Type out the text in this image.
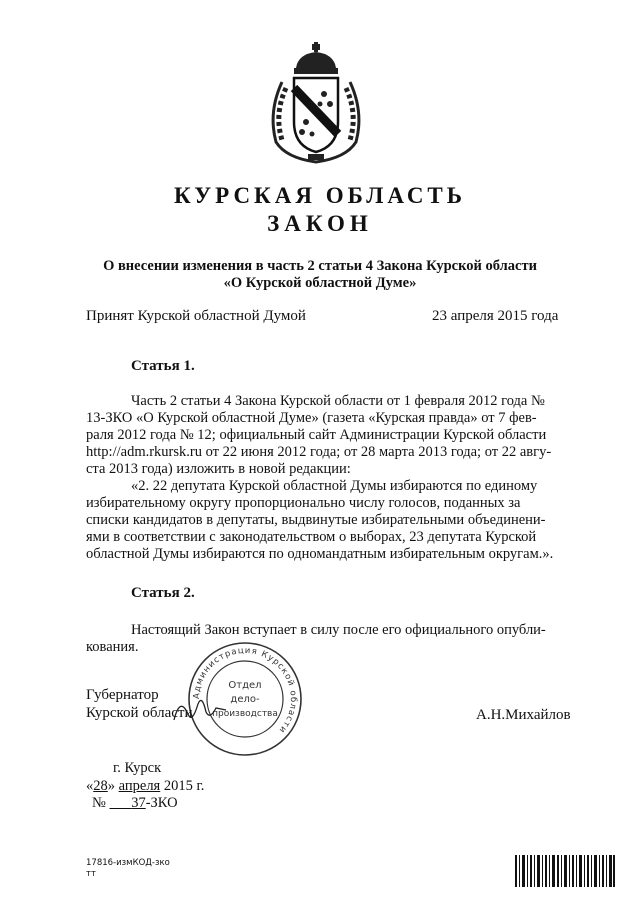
КУРСКАЯ ОБЛАСТЬ
ЗАКОН
О внесении изменения в часть 2 статьи 4 Закона Курской области
«О Курской областной Думе»
Принят Курской областной Думой	23 апреля 2015 года
Статья 1.
Часть 2 статьи 4 Закона Курской области от 1 февраля 2012 года №
13-ЗКО «О Курской областной Думе» (газета «Курская правда» от 7 фев-
раля 2012 года № 12; официальный сайт Администрации Курской области
http://adm.rkursk.ru от 22 июня 2012 года; от 28 марта 2013 года; от 22 авгу-
ста 2013 года) изложить в новой редакции:
«2. 22 депутата Курской областной Думы избираются по единому
избирательному округу пропорционально числу голосов, поданных за
списки кандидатов в депутаты, выдвинутые избирательными объединени-
ями в соответствии с законодательством о выборах, 23 депутата Курской
областной Думы избираются по одномандатным избирательным округам.».
Статья 2.
Настоящий Закон вступает в силу после его официального опубли-
кования.
Администрация Курской области
Отдел
дело-
производства
Губернатор
Курской области	А.Н.Михайлов
г. Курск
«28» апреля 2015 г.
№ 37-ЗКО
17816-измКОД-зко
тт
